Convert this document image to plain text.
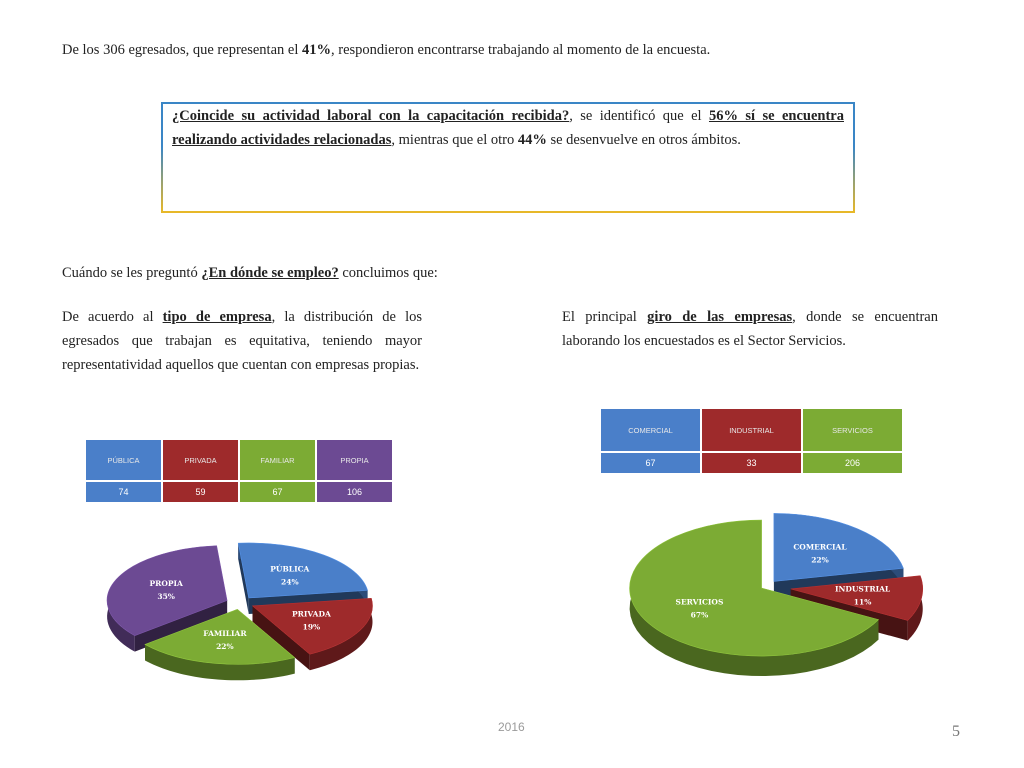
De los 306 egresados, que representan el 41%, respondieron encontrarse trabajando al momento de la encuesta.

¿Coincide su actividad laboral con la capacitación recibida?, se identificó que el 56% sí se encuentra realizando actividades relacionadas, mientras que el otro 44% se desenvuelve en otros ámbitos.

Cuándo se les preguntó ¿En dónde se empleo? concluimos que:

De acuerdo al tipo de empresa, la distribución de los egresados que trabajan es equitativa, teniendo mayor representatividad aquellos que cuentan con empresas propias.

El principal giro de las empresas, donde se encuentran laborando los encuestados es el Sector Servicios.

PÚBLICA	PRIVADA	FAMILIAR	PROPIA
74	59	67	106
COMERCIAL	INDUSTRIAL	SERVICIOS
67	33	206
PÚBLICA
24%
PROPIA
35%
PRIVADA
19%
FAMILIAR
22%
COMERCIAL
22%
INDUSTRIAL
11%
SERVICIOS
67%
2016	5
